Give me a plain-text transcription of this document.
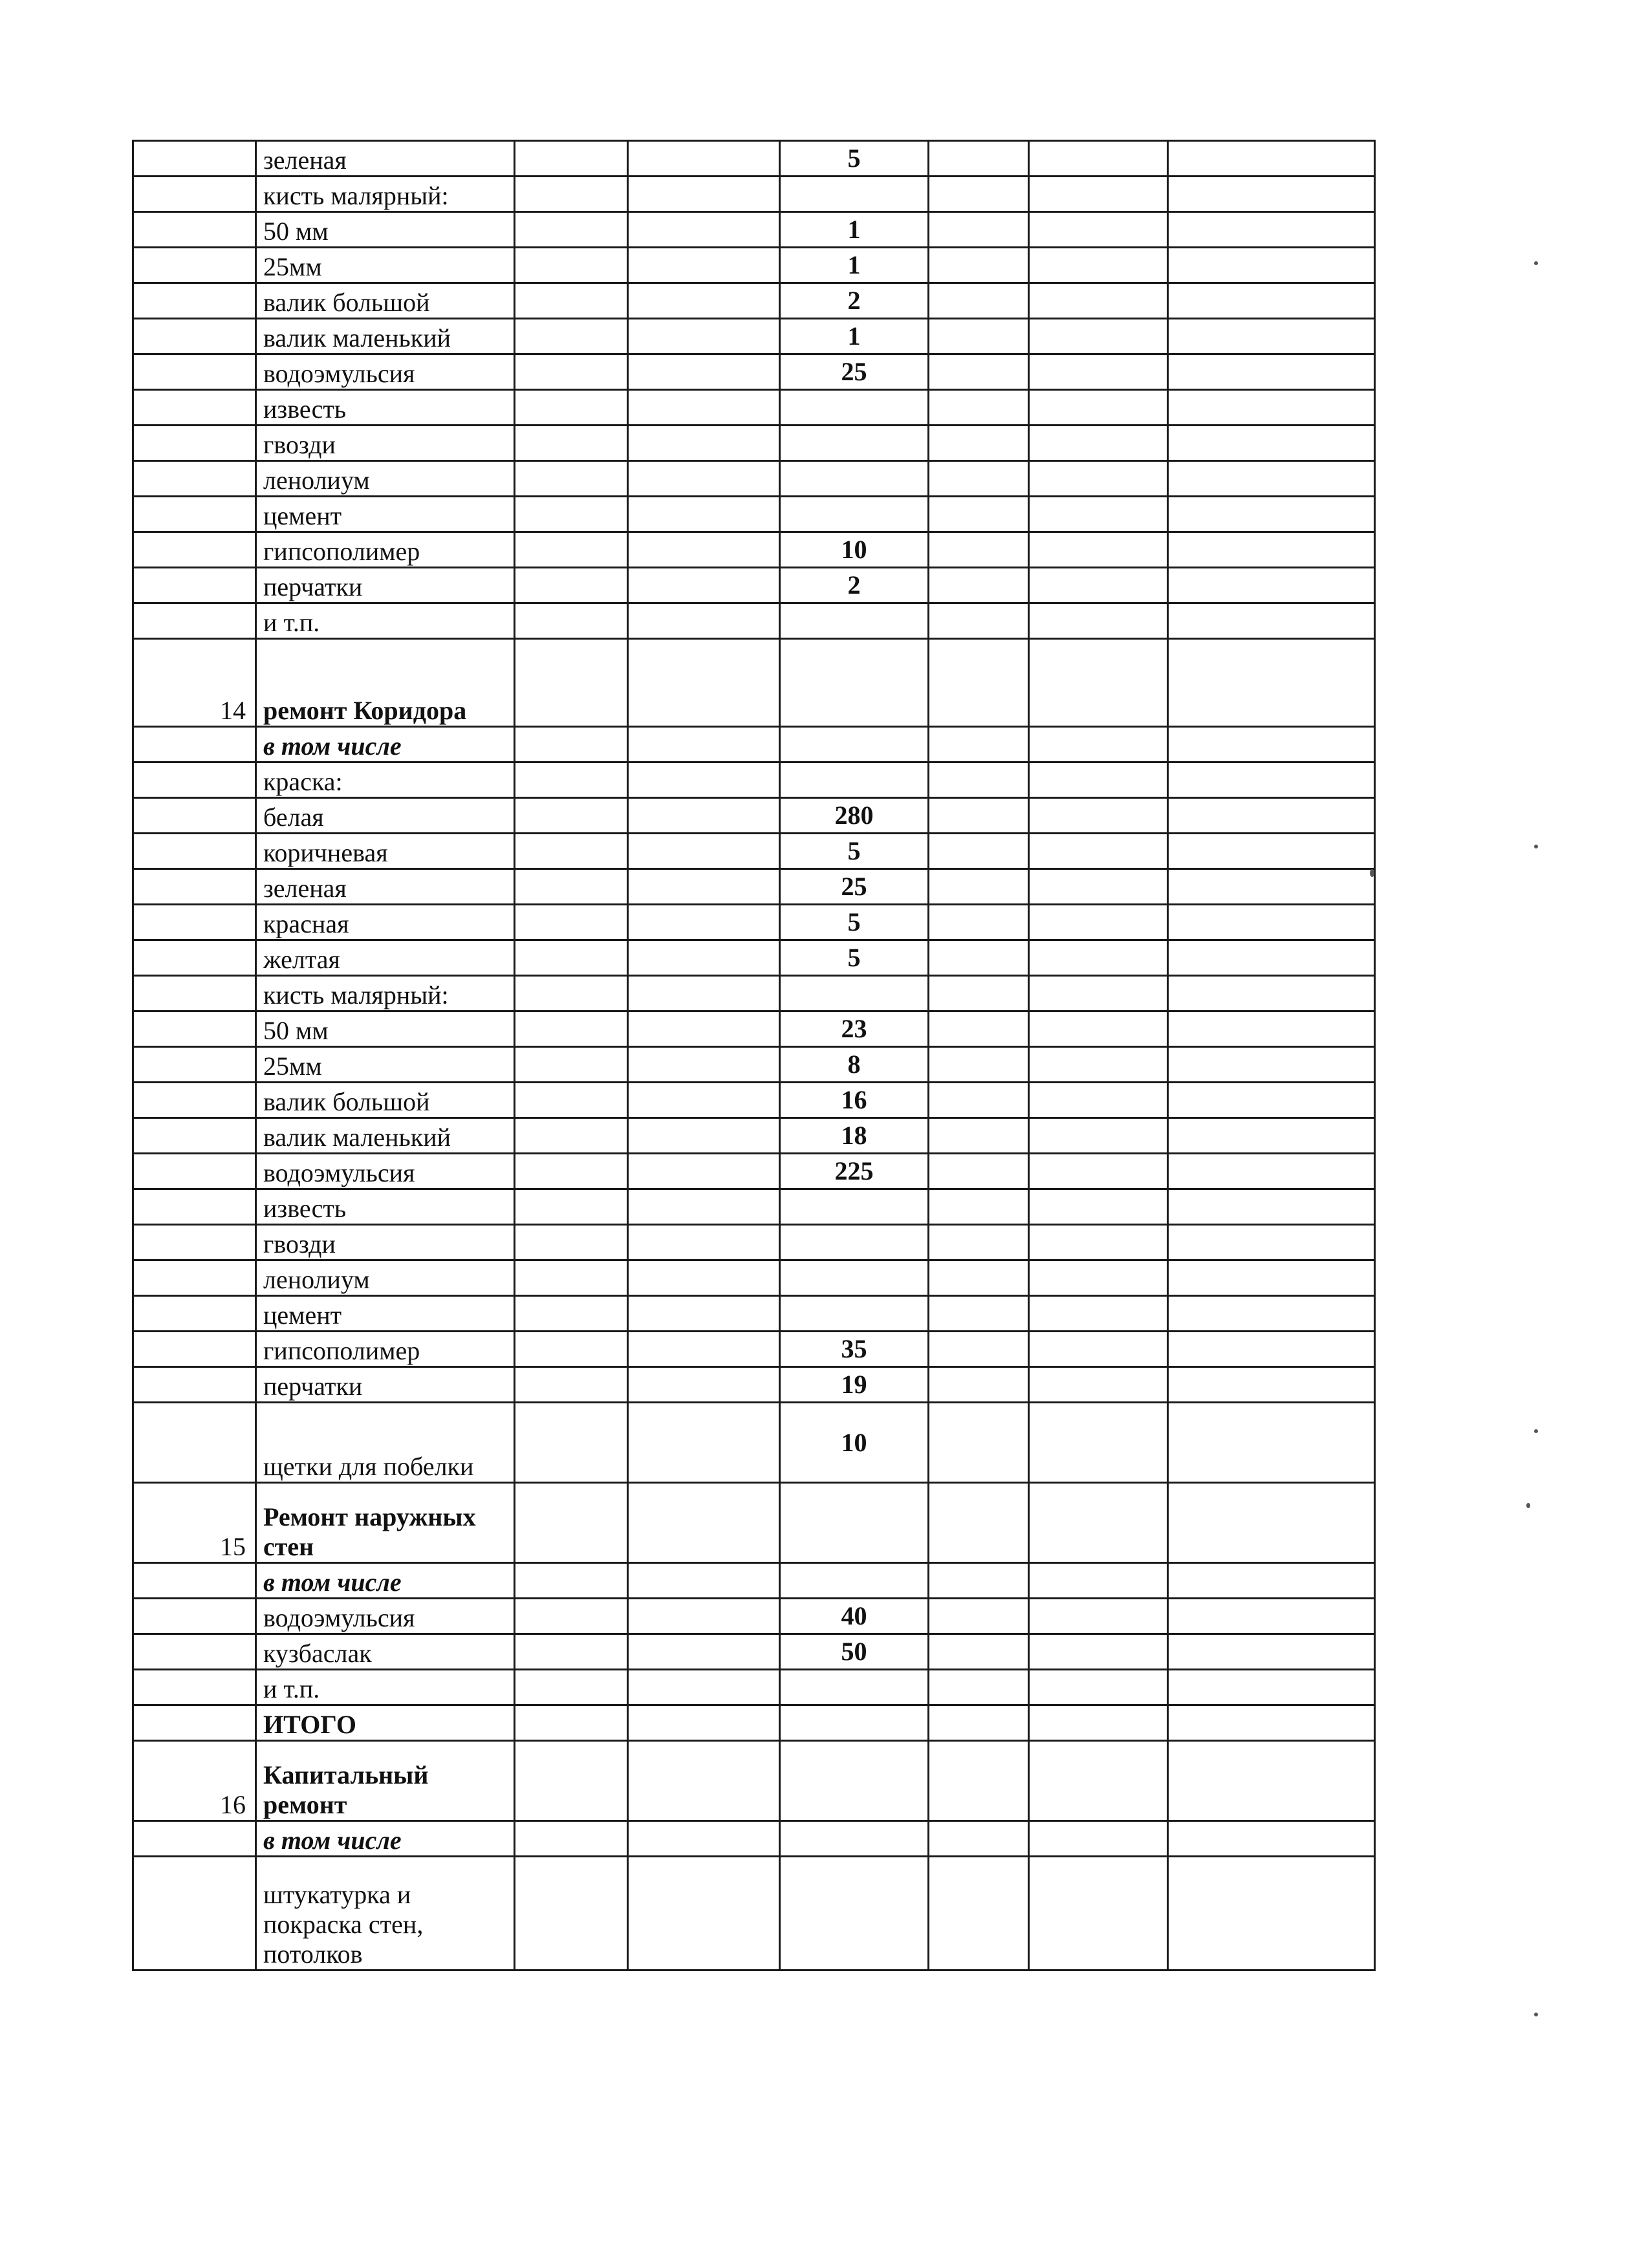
	зеленая			5			
	кисть малярный:						
	50 мм			1			
	25мм			1			
	валик большой			2			
	валик маленький			1			
	водоэмульсия			25			
	известь						
	гвозди						
	ленолиум						
	цемент						
	гипсополимер			10			
	перчатки			2			
	и т.п.						
14	ремонт Коридора						
	в том числе						
	краска:						
	белая			280			
	коричневая			5			
	зеленая			25			
	красная			5			
	желтая			5			
	кисть малярный:						
	50 мм			23			
	25мм			8			
	валик большой			16			
	валик маленький			18			
	водоэмульсия			225			
	известь						
	гвозди						
	ленолиум						
	цемент						
	гипсополимер			35			
	перчатки			19			
	щетки для побелки			10			
15	Ремонт наружных стен						
	в том числе						
	водоэмульсия			40			
	кузбаслак			50			
	и т.п.						
	ИТОГО						
16	Капитальный ремонт						
	в том числе						
	штукатурка и покраска стен, потолков						
